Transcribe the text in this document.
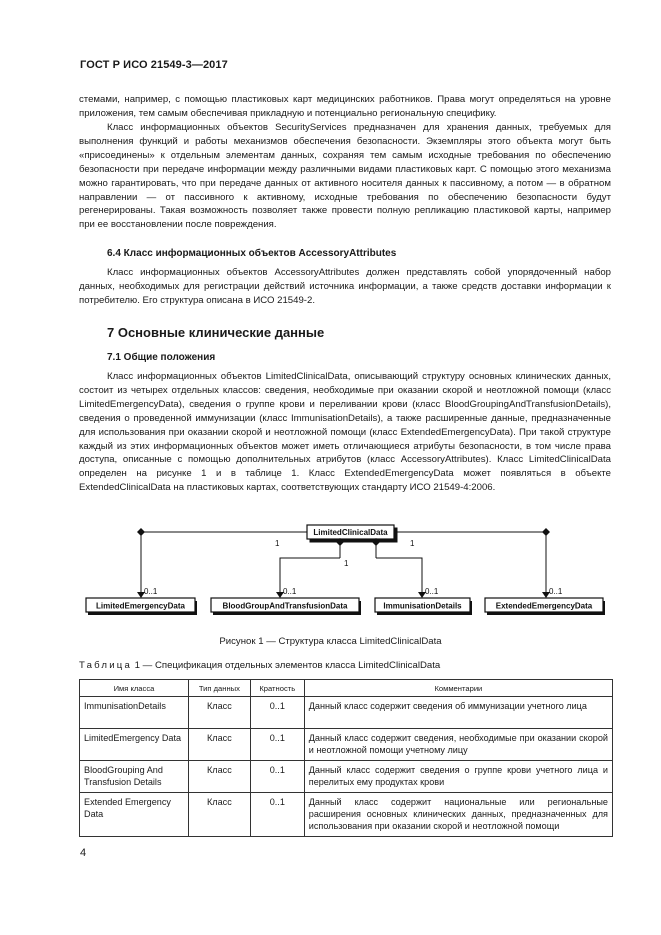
ГОСТ Р ИСО 21549-3—2017

стемами, например, с помощью пластиковых карт медицинских работников. Права могут определяться на уровне приложения, тем самым обеспечивая прикладную и потенциально региональную специфику.

Класс информационных объектов SecurityServices предназначен для хранения данных, требуемых для выполнения функций и работы механизмов обеспечения безопасности. Экземпляры этого объекта могут быть «присоединены» к отдельным элементам данных, сохраняя тем самым исходные требования по обеспечению безопасности при передаче информации между различными видами пластиковых карт. С помощью этого механизма можно гарантировать, что при передаче данных от активного носителя данных к пассивному, а потом — в обратном направлении — от пассивного к активному, исходные требования по обеспечению безопасности будут регенерированы. Такая возможность позволяет также провести полную репликацию пластиковой карты, например при ее восстановлении после повреждения.

6.4 Класс информационных объектов AccessoryAttributes

Класс информационных объектов AccessoryAttributes должен представлять собой упорядоченный набор данных, необходимых для регистрации действий источника информации, а также средств доставки информации к потребителю. Его структура описана в ИСО 21549-2.

7 Основные клинические данные
7.1 Общие положения

Класс информационных объектов LimitedClinicalData, описывающий структуру основных клинических данных, состоит из четырех отдельных классов: сведения, необходимые при оказании скорой и неотложной помощи (класс LimitedEmergencyData), сведения о группе крови и переливании крови (класс BloodGroupingAndTransfusionDetails), сведения о проведенной иммунизации (класс ImmunisationDetails), а также расширенные данные, предназначенные для использования при оказании скорой и неотложной помощи (класс ExtendedEmergencyData). При такой структуре каждый из этих информационных объектов может иметь отличающиеся атрибуты безопасности, в том числе права доступа, описанные с помощью дополнительных атрибутов (класс AccessoryAttributes). Класс LimitedClinicalData определен на рисунке 1 и в таблице 1. Класс ExtendedEmergencyData может появляться в объекте ExtendedClinicalData на пластиковых картах, соответствующих стандарту ИСО 21549-4:2006.

LimitedClinicalData
LimitedEmergencyData	BloodGroupAndTransfusionData	ImmunisationDetails	ExtendedEmergencyData
1	1
1
0..1	0..1	0..1	0..1
Рисунок 1 — Структура класса LimitedClinicalData
Таблица 1 — Спецификация отдельных элементов класса LimitedClinicalData
Имя класса	Тип данных	Кратность	Комментарии
ImmunisationDetails	Класс	0..1	Данный класс содержит сведения об иммунизации учетного лица
LimitedEmergency Data	Класс	0..1	Данный класс содержит сведения, необходимые при оказании скорой и неотложной помощи учетному лицу
BloodGrouping And Transfusion Details	Класс	0..1	Данный класс содержит сведения о группе крови учетного лица и перелитых ему продуктах крови
Extended Emergency Data	Класс	0..1	Данный класс содержит национальные или региональные расширения основных клинических данных, предназначенных для использования при оказании скорой и неотложной помощи
4
